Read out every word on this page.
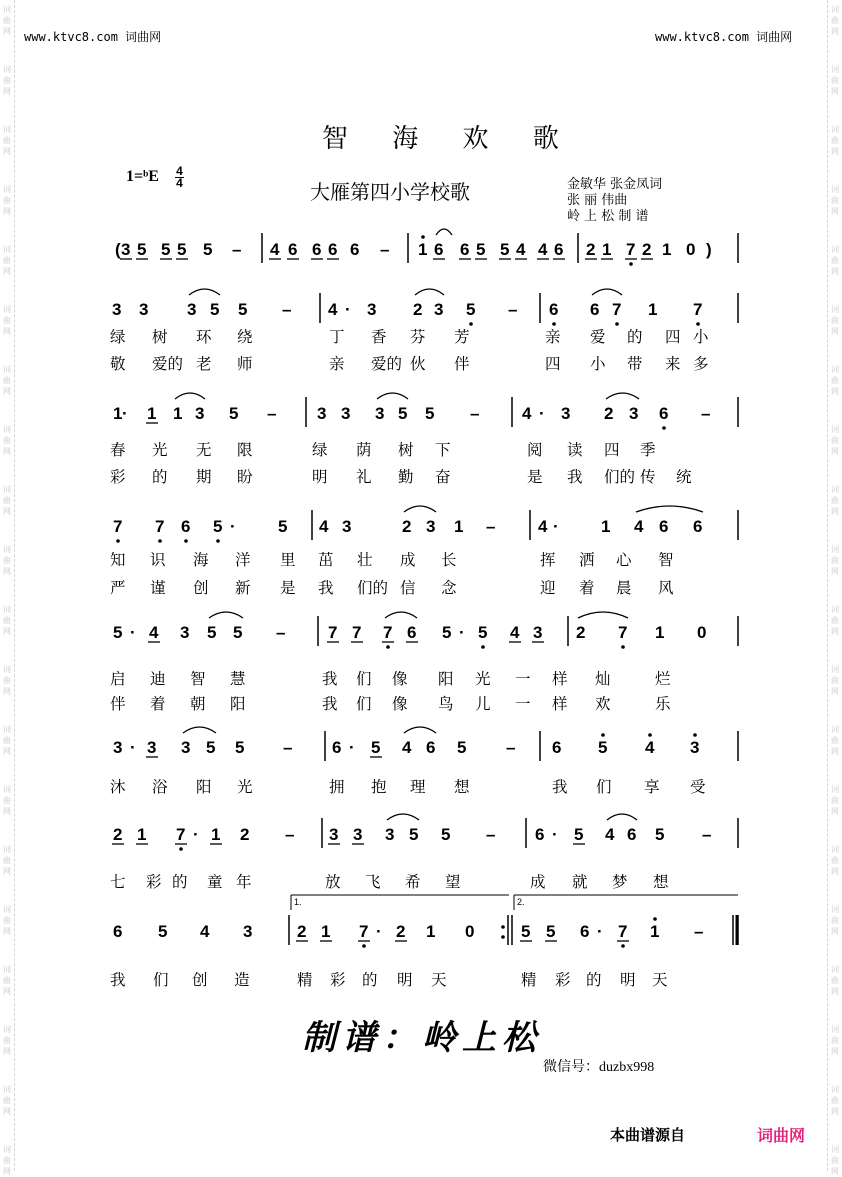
词
曲
网
词
曲
网
词
曲
网
词
曲
网
词
曲
网
词
曲
网
词
曲
网
词
曲
网
词
曲
网
词
曲
网
词
曲
网
词
曲
网
词
曲
网
词
曲
网
词
曲
网
词
曲
网
词
曲
网
词
曲
网
词
曲
网
词
曲
网
词
曲
网
词
曲
网
词
曲
网
词
曲
网
词
曲
网
词
曲
网
词
曲
网
词
曲
网
词
曲
网
词
曲
网
词
曲
网
词
曲
网
词
曲
网
词
曲
网
词
曲
网
词
曲
网
词
曲
网
词
曲
网
词
曲
网
词
曲
网
www.ktvc8.com 词曲网	www.ktvc8.com 词曲网
智 海 欢 歌
1=ᵇE 4
4	大雁第四小学校歌	金敏华 张金凤词
张 丽 伟曲
岭 上 松 制 谱
( 3 5 5 5 5 – 4 6 6 6 6 – 1 6 6 5 5 4 4 6 2 1 7 2 1 0 )
3 3 3 5 5 – 4 · 3 2 3 5 – 6 6 7 1 7
1 · 1 1 3 5 – 3 3 3 5 5 –	4 · 3 2 3 6 –
7 7 6 5 · 5 4 3	2 3 1 –	4 · 1 4 6 6
5 · 4 3 5 5 –	7 7 7 6 5 · 5 4 3 2 7 1 0
3 · 3 3 5 5 – 6 · 5 4 6 5 – 6 5 4 3
2 1 7 · 1 2 – 3 3 3 5 5 – 6 · 5 4 6 5 –
6 5 4 3	2 1 7 · 2 1 0	5 5 6 · 7 1 –
1.	2.
绿 树 环 绕	丁 香 芬 芳	亲 爱 的 四 小
敬 爱的 老 师	亲 爱的 伙 伴	四 小 带 来 多
春 光 无 限	绿 荫 树 下	阅 读 四 季
彩 的 期 盼	明 礼 勤 奋	是 我 们的 传 统
知 识 海 洋 里 茁 壮 成 长	挥 洒 心 智
严 谨 创 新 是 我 们的 信 念	迎 着 晨 风
启 迪 智 慧	我 们 像 阳 光 一 样 灿	烂
伴 着 朝 阳	我 们 像 鸟 儿 一 样 欢	乐
沐 浴 阳 光	拥 抱 理 想	我 们 享 受
七 彩 的 童 年	放 飞 希 望	成 就 梦 想
我 们 创 造	精 彩 的 明 天	精 彩 的 明 天
制谱：岭上松
微信号：duzbx998
本曲谱源自	词曲网
